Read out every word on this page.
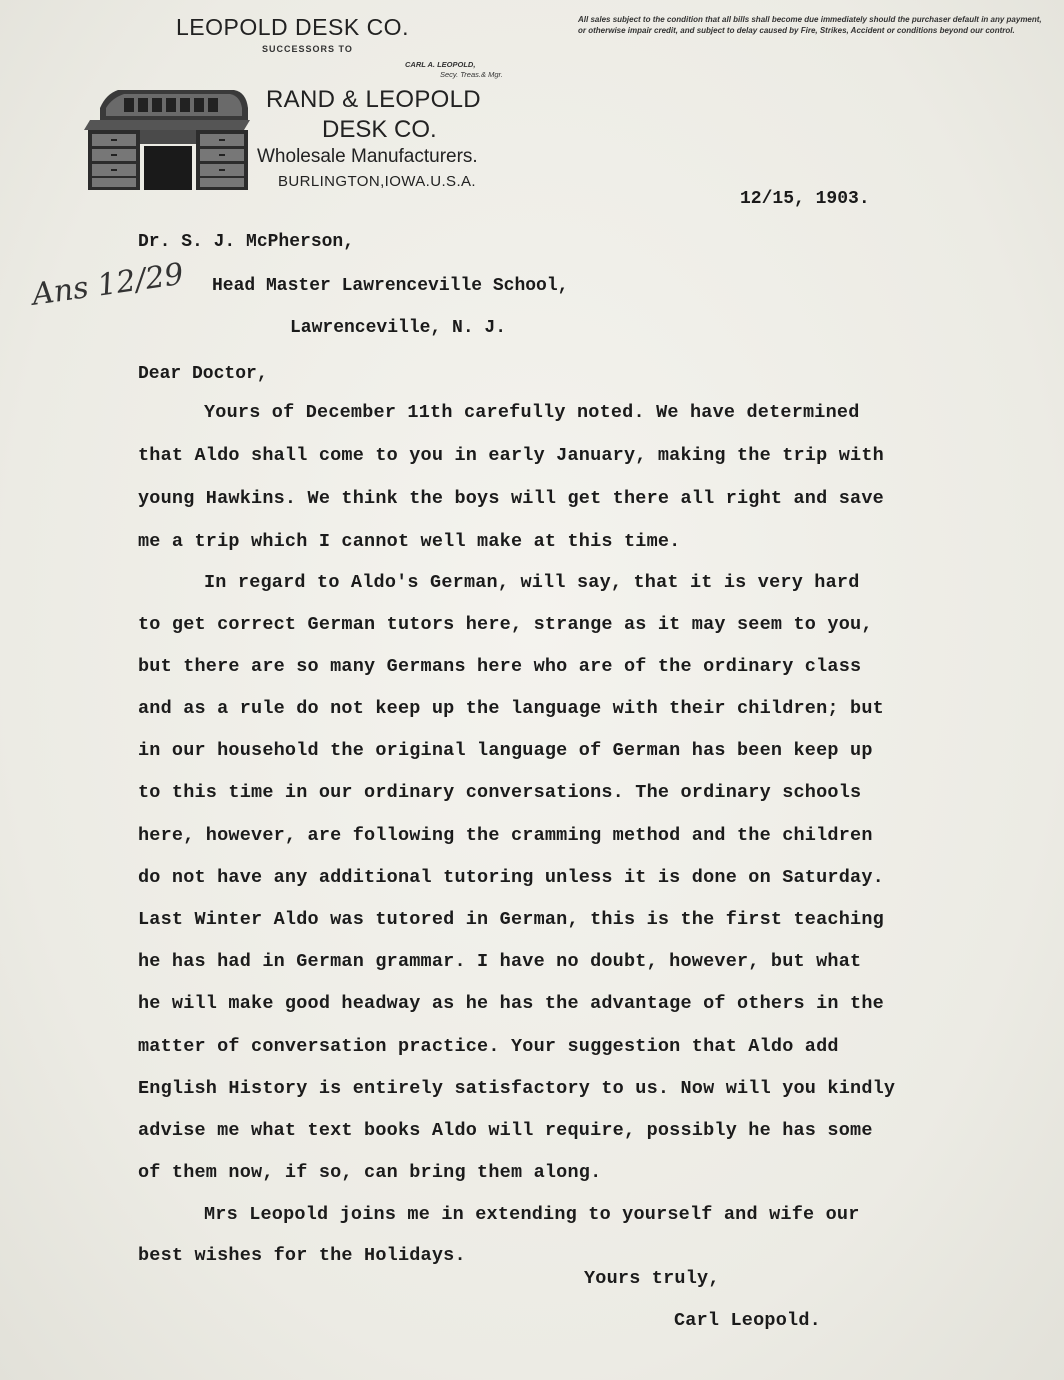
LEOPOLD DESK CO.
SUCCESSORS TO
CARL A. LEOPOLD,
Secy. Treas.& Mgr.
RAND & LEOPOLD
DESK CO.
Wholesale Manufacturers.
BURLINGTON,IOWA.U.S.A.
All sales subject to the condition that all bills shall become due immediately should the purchaser default in any payment, or otherwise impair credit, and subject to delay caused by Fire, Strikes, Accident or conditions beyond our control.
12/15, 1903.
Dr. S. J. McPherson,
Head Master Lawrenceville School,
Lawrenceville, N. J.
Ans 12/29
Dear Doctor,
Yours of December 11th carefully noted. We have determined
that Aldo shall come to you in early January, making the trip with
young Hawkins. We think the boys will get there all right and save
me a trip which I cannot well make at this time.
In regard to Aldo's German, will say, that it is very hard
to get correct German tutors here, strange as it may seem to you,
but there are so many Germans here who are of the ordinary class
and as a rule do not keep up the language with their children; but
in our household the original language of German has been keep up
to this time in our ordinary conversations. The ordinary schools
here, however, are following the cramming method and the children
do not have any additional tutoring unless it is done on Saturday.
Last Winter Aldo was tutored in German, this is the first teaching
he has had in German grammar. I have no doubt, however, but what
he will make good headway as he has the advantage of others in the
matter of conversation practice. Your suggestion that Aldo add
English History is entirely satisfactory to us. Now will you kindly
advise me what text books Aldo will require, possibly he has some
of them now, if so, can bring them along.
Mrs Leopold joins me in extending to yourself and wife our
best wishes for the Holidays.
Yours truly,
Carl Leopold.
